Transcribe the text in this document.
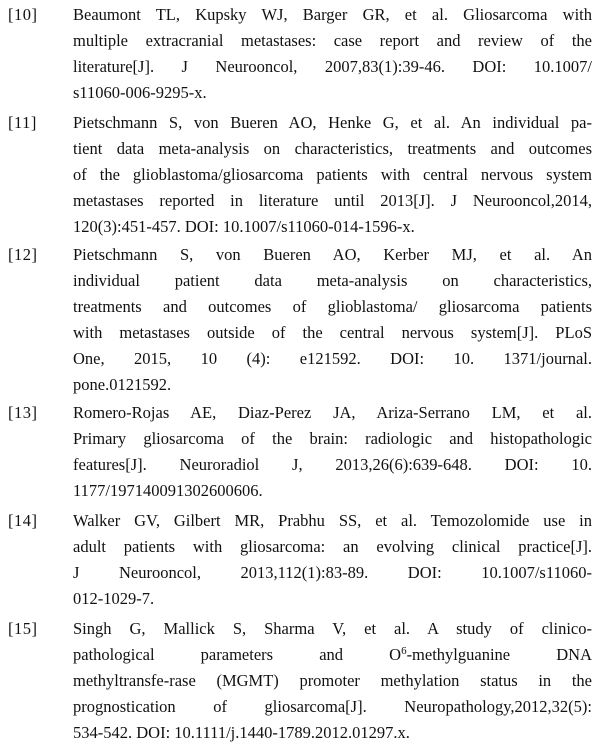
[10] Beaumont TL, Kupsky WJ, Barger GR, et al. Gliosarcoma with
multiple extracranial metastases: case report and review of the
literature[J]. J Neurooncol, 2007,83(1):39-46. DOI: 10.1007/
s11060-006-9295-x.
[11] Pietschmann S, von Bueren AO, Henke G, et al. An individual pa-
tient data meta-analysis on characteristics, treatments and outcomes
of the glioblastoma/gliosarcoma patients with central nervous system
metastases reported in literature until 2013[J]. J Neurooncol,2014,
120(3):451-457. DOI: 10.1007/s11060-014-1596-x.
[12] Pietschmann S, von Bueren AO, Kerber MJ, et al. An
individual patient data meta-analysis on characteristics,
treatments and outcomes of glioblastoma/ gliosarcoma patients
with metastases outside of the central nervous system[J]. PLoS
One, 2015, 10 (4): e121592. DOI: 10. 1371/journal.
pone.0121592.
[13] Romero-Rojas AE, Diaz-Perez JA, Ariza-Serrano LM, et al.
Primary gliosarcoma of the brain: radiologic and histopathologic
features[J]. Neuroradiol J, 2013,26(6):639-648. DOI: 10.
1177/197140091302600606.
[14] Walker GV, Gilbert MR, Prabhu SS, et al. Temozolomide use in
adult patients with gliosarcoma: an evolving clinical practice[J].
J Neurooncol, 2013,112(1):83-89. DOI: 10.1007/s11060-
012-1029-7.
[15] Singh G, Mallick S, Sharma V, et al. A study of clinico-
pathological parameters and $O^6$-methylguanine DNA
methyltransfe-rase (MGMT) promoter methylation status in the
prognostication of gliosarcoma[J]. Neuropathology,2012,32(5):
534-542. DOI: 10.1111/j.1440-1789.2012.01297.x.
